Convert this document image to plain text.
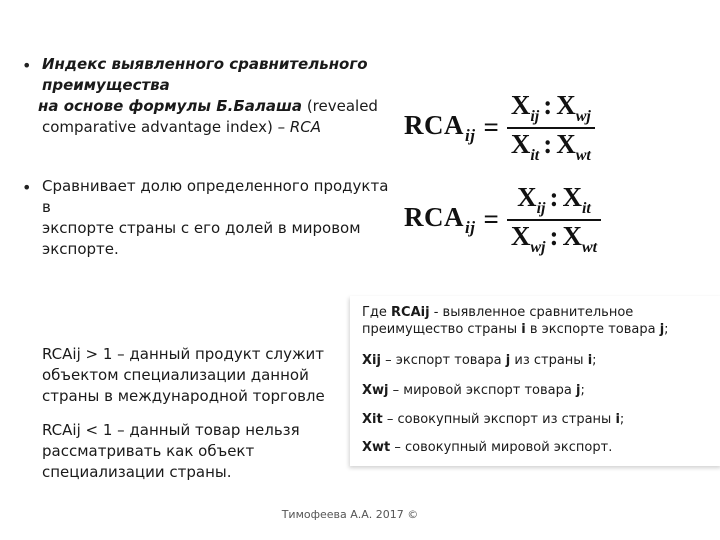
• Индекс выявленного сравнительного
преимущества
на основе формулы Б.Балаша (revealed
comparative advantage index) – RCA
• Сравнивает долю определенного продукта в
экспорте страны с его долей в мировом
экспорте.
$RCA_{ij} = \frac{X_{ij} : X_{wj}}{X_{it} : X_{wt}}$
$RCA_{ij} = \frac{X_{ij} : X_{it}}{X_{wj} : X_{wt}}$
Где RCAij - выявленное сравнительное
преимущество страны i в экспорте товара j;
Xij – экспорт товара j из страны i;
Xwj – мировой экспорт товара j;
Xit – совокупный экспорт из страны i;
Xwt – совокупный мировой экспорт.
RCAij > 1 – данный продукт служит
объектом специализации данной
страны в международной торговле
RCAij < 1 – данный товар нельзя
рассматривать как объект
специализации страны.
Тимофеева А.А. 2017 ©
